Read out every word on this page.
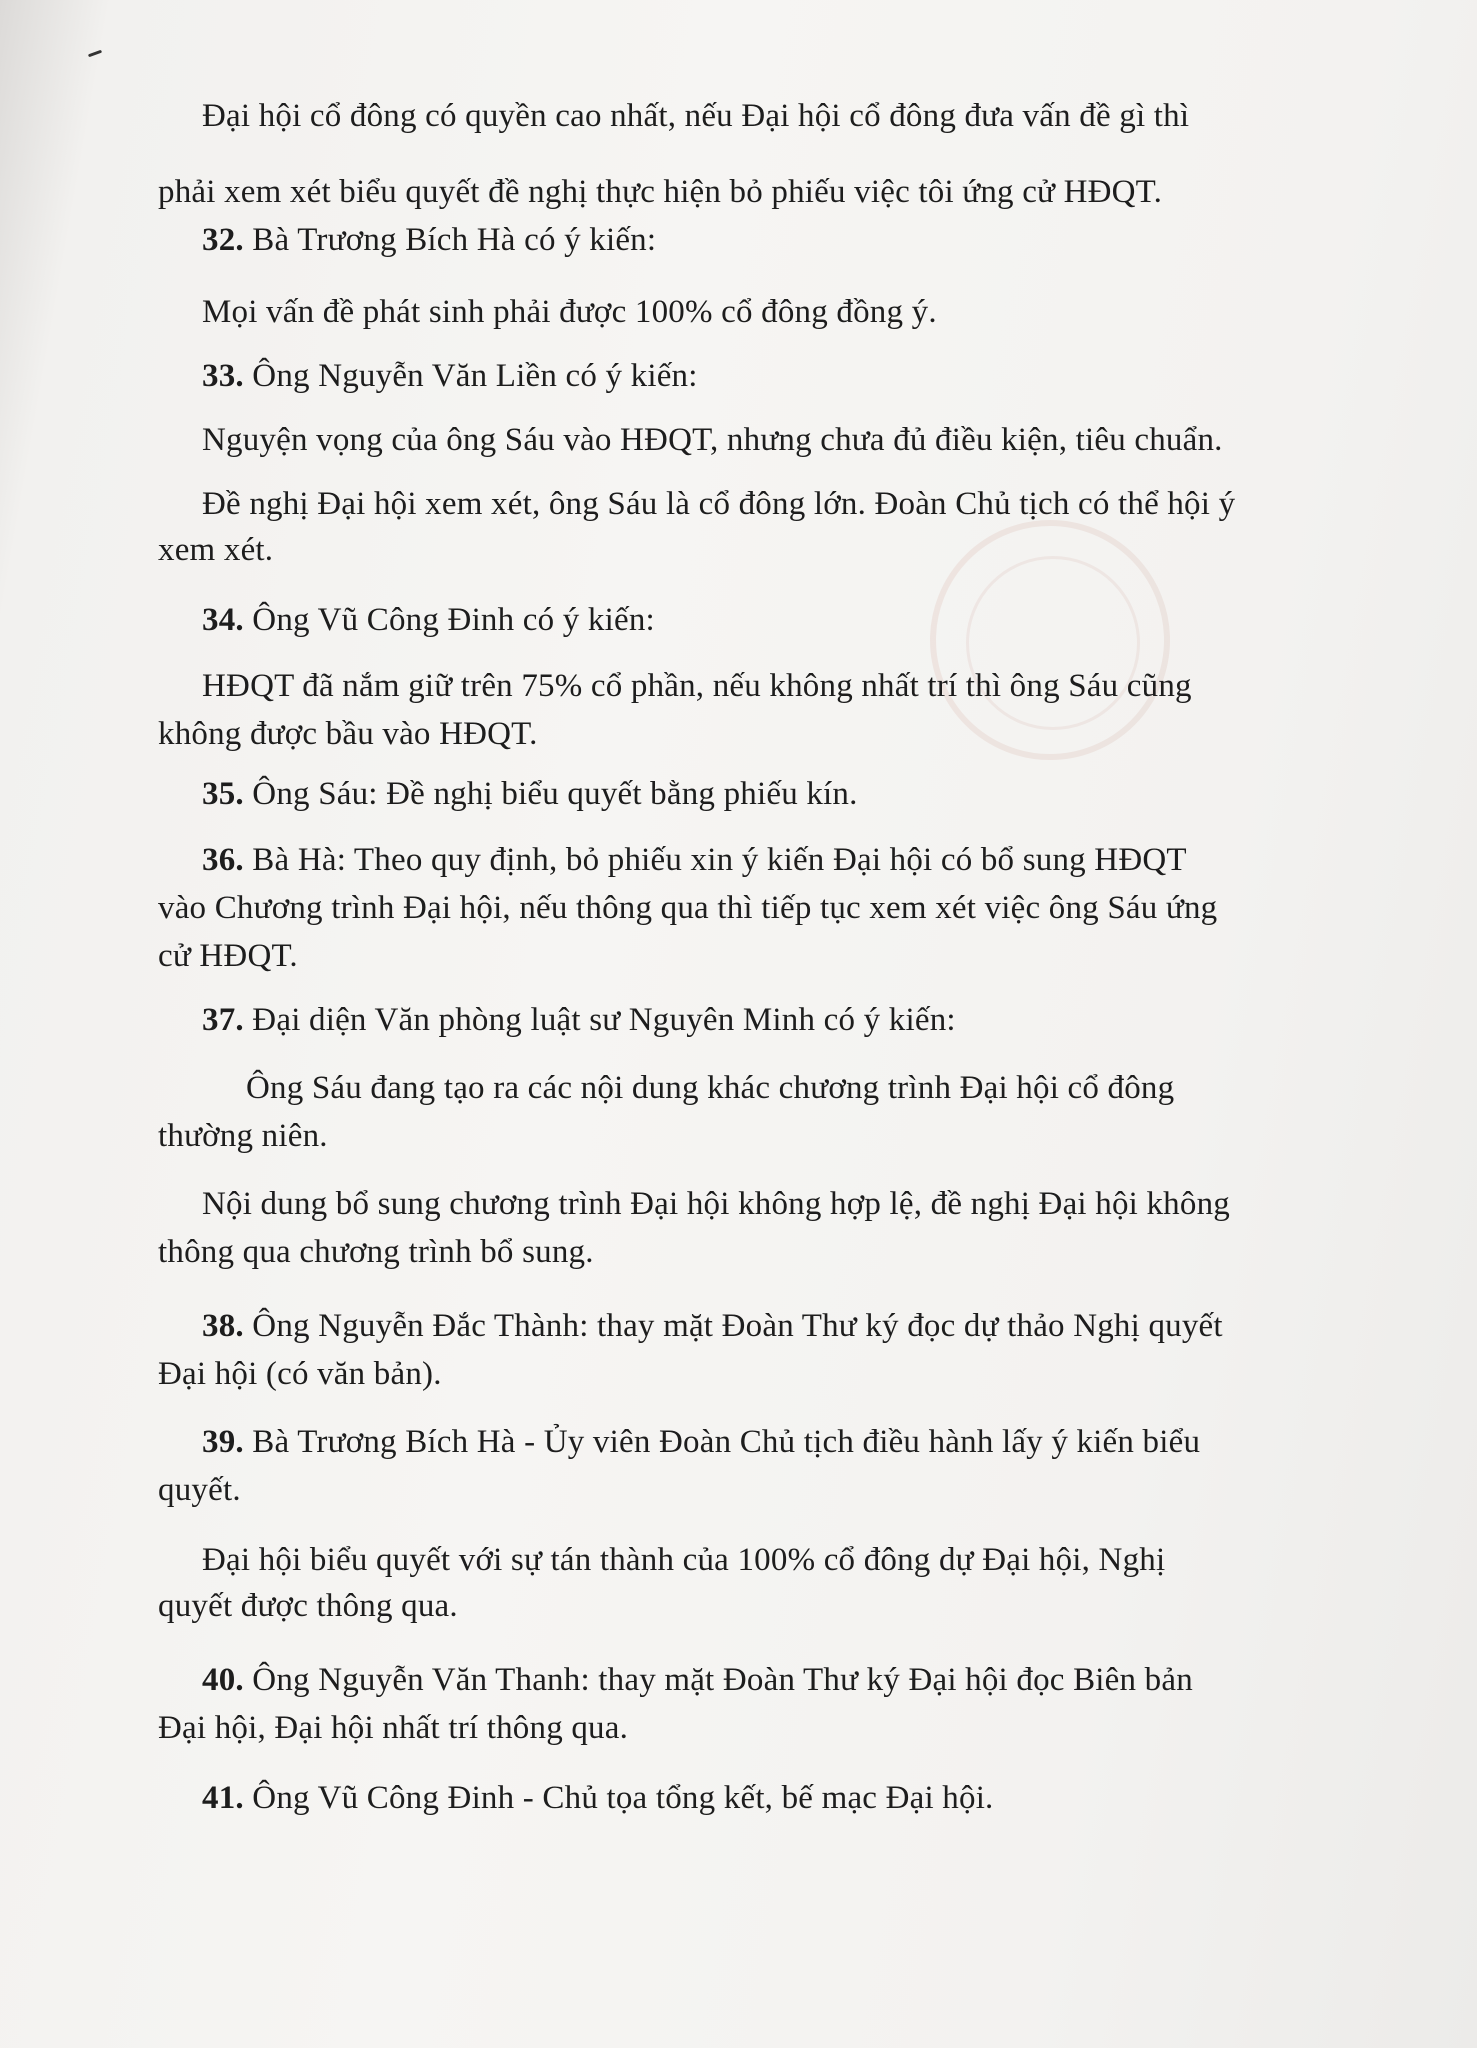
Đại hội cổ đông có quyền cao nhất, nếu Đại hội cổ đông đưa vấn đề gì thì
phải xem xét biểu quyết đề nghị thực hiện bỏ phiếu việc tôi ứng cử HĐQT.
32. Bà Trương Bích Hà có ý kiến:
Mọi vấn đề phát sinh phải được 100% cổ đông đồng ý.
33. Ông Nguyễn Văn Liền có ý kiến:
Nguyện vọng của ông Sáu vào HĐQT, nhưng chưa đủ điều kiện, tiêu chuẩn.
Đề nghị Đại hội xem xét, ông Sáu là cổ đông lớn. Đoàn Chủ tịch có thể hội ý
xem xét.
34. Ông Vũ Công Đinh có ý kiến:
HĐQT đã nắm giữ trên 75% cổ phần, nếu không nhất trí thì ông Sáu cũng
không được bầu vào HĐQT.
35. Ông Sáu: Đề nghị biểu quyết bằng phiếu kín.
36. Bà Hà: Theo quy định, bỏ phiếu xin ý kiến Đại hội có bổ sung HĐQT
vào Chương trình Đại hội, nếu thông qua thì tiếp tục xem xét việc ông Sáu ứng
cử HĐQT.
37. Đại diện Văn phòng luật sư Nguyên Minh có ý kiến:
Ông Sáu đang tạo ra các nội dung khác chương trình Đại hội cổ đông
thường niên.
Nội dung bổ sung chương trình Đại hội không hợp lệ, đề nghị Đại hội không
thông qua chương trình bổ sung.
38. Ông Nguyễn Đắc Thành: thay mặt Đoàn Thư ký đọc dự thảo Nghị quyết
Đại hội (có văn bản).
39. Bà Trương Bích Hà - Ủy viên Đoàn Chủ tịch điều hành lấy ý kiến biểu
quyết.
Đại hội biểu quyết với sự tán thành của 100% cổ đông dự Đại hội, Nghị
quyết được thông qua.
40. Ông Nguyễn Văn Thanh: thay mặt Đoàn Thư ký Đại hội đọc Biên bản
Đại hội, Đại hội nhất trí thông qua.
41. Ông Vũ Công Đinh - Chủ tọa tổng kết, bế mạc Đại hội.
